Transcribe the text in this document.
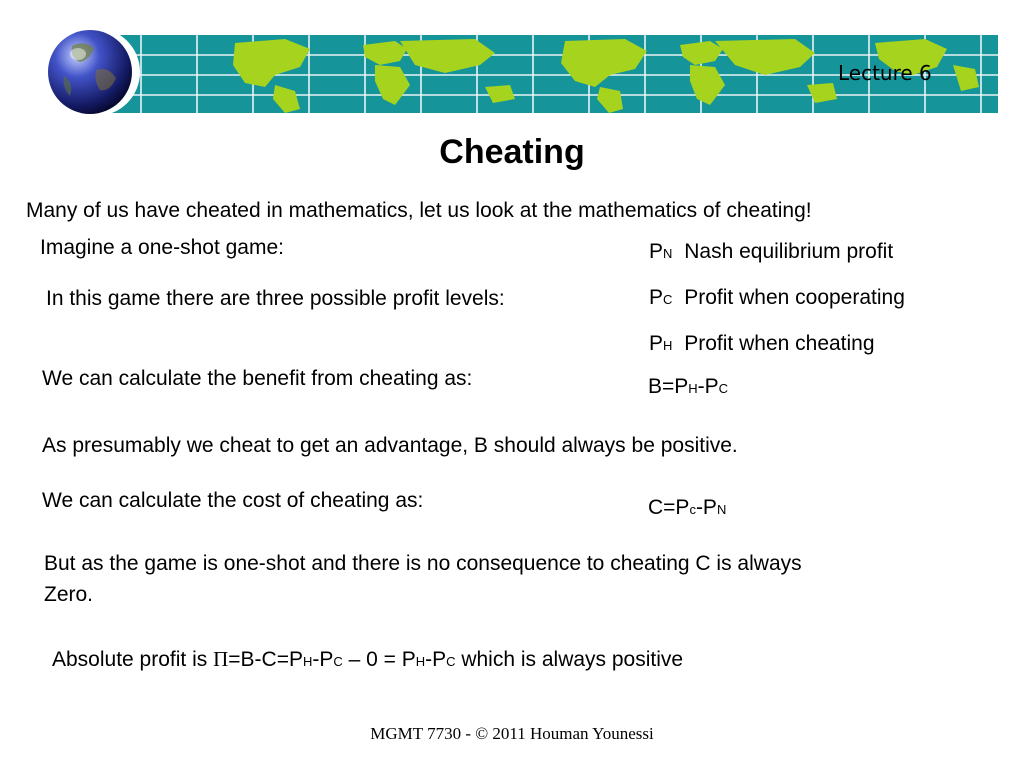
Lecture 6
Cheating
Many of us have cheated in mathematics, let us look at the mathematics of cheating!
Imagine a one-shot game:
In this game there are three possible profit levels:
PN Nash equilibrium profit
PC Profit when cooperating
PH Profit when cheating
We can calculate the benefit from cheating as:	B=PH-PC
As presumably we cheat to get an advantage, B should always be positive.
We can calculate the cost of cheating as:	C=Pc-PN
But as the game is one-shot and there is no consequence to cheating C is always
Zero.
Absolute profit is Π=B-C=PH-PC – 0 = PH-PC which is always positive
MGMT 7730 - © 2011 Houman Younessi
